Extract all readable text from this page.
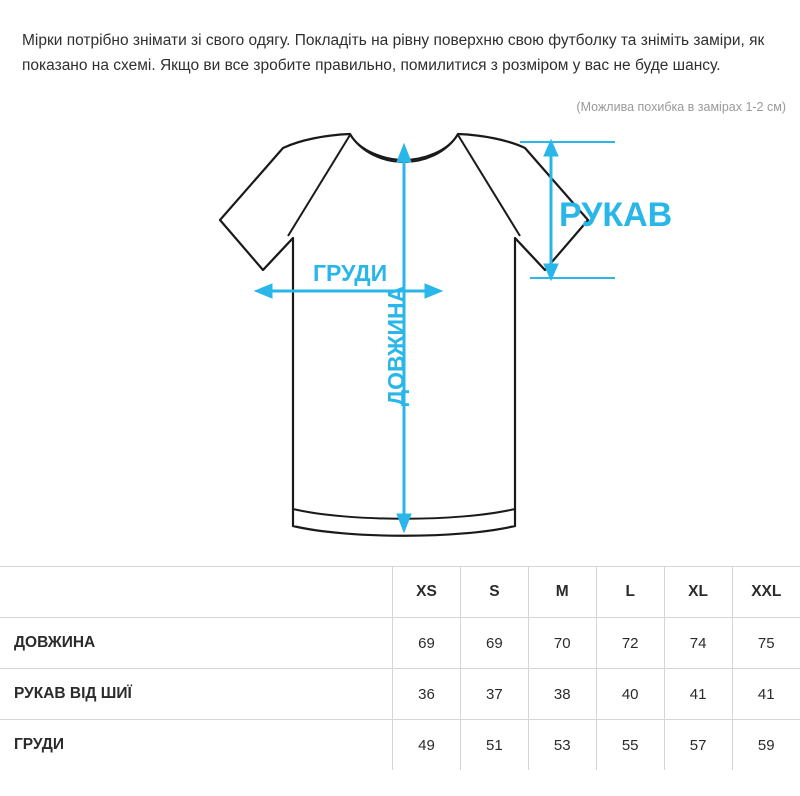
Мірки потрібно знімати зі свого одягу. Покладіть на рівну поверхню свою футболку та зніміть заміри, як показано на схемі. Якщо ви все зробите правильно, помилитися з розміром у вас не буде шансу.

(Можлива похибка в замірах 1-2 см)
РУКАВ
ГРУДИ
ДОВЖИНА
	XS	S	M	L	XL	XXL
ДОВЖИНА	69	69	70	72	74	75
РУКАВ ВІД ШИЇ	36	37	38	40	41	41
ГРУДИ	49	51	53	55	57	59
